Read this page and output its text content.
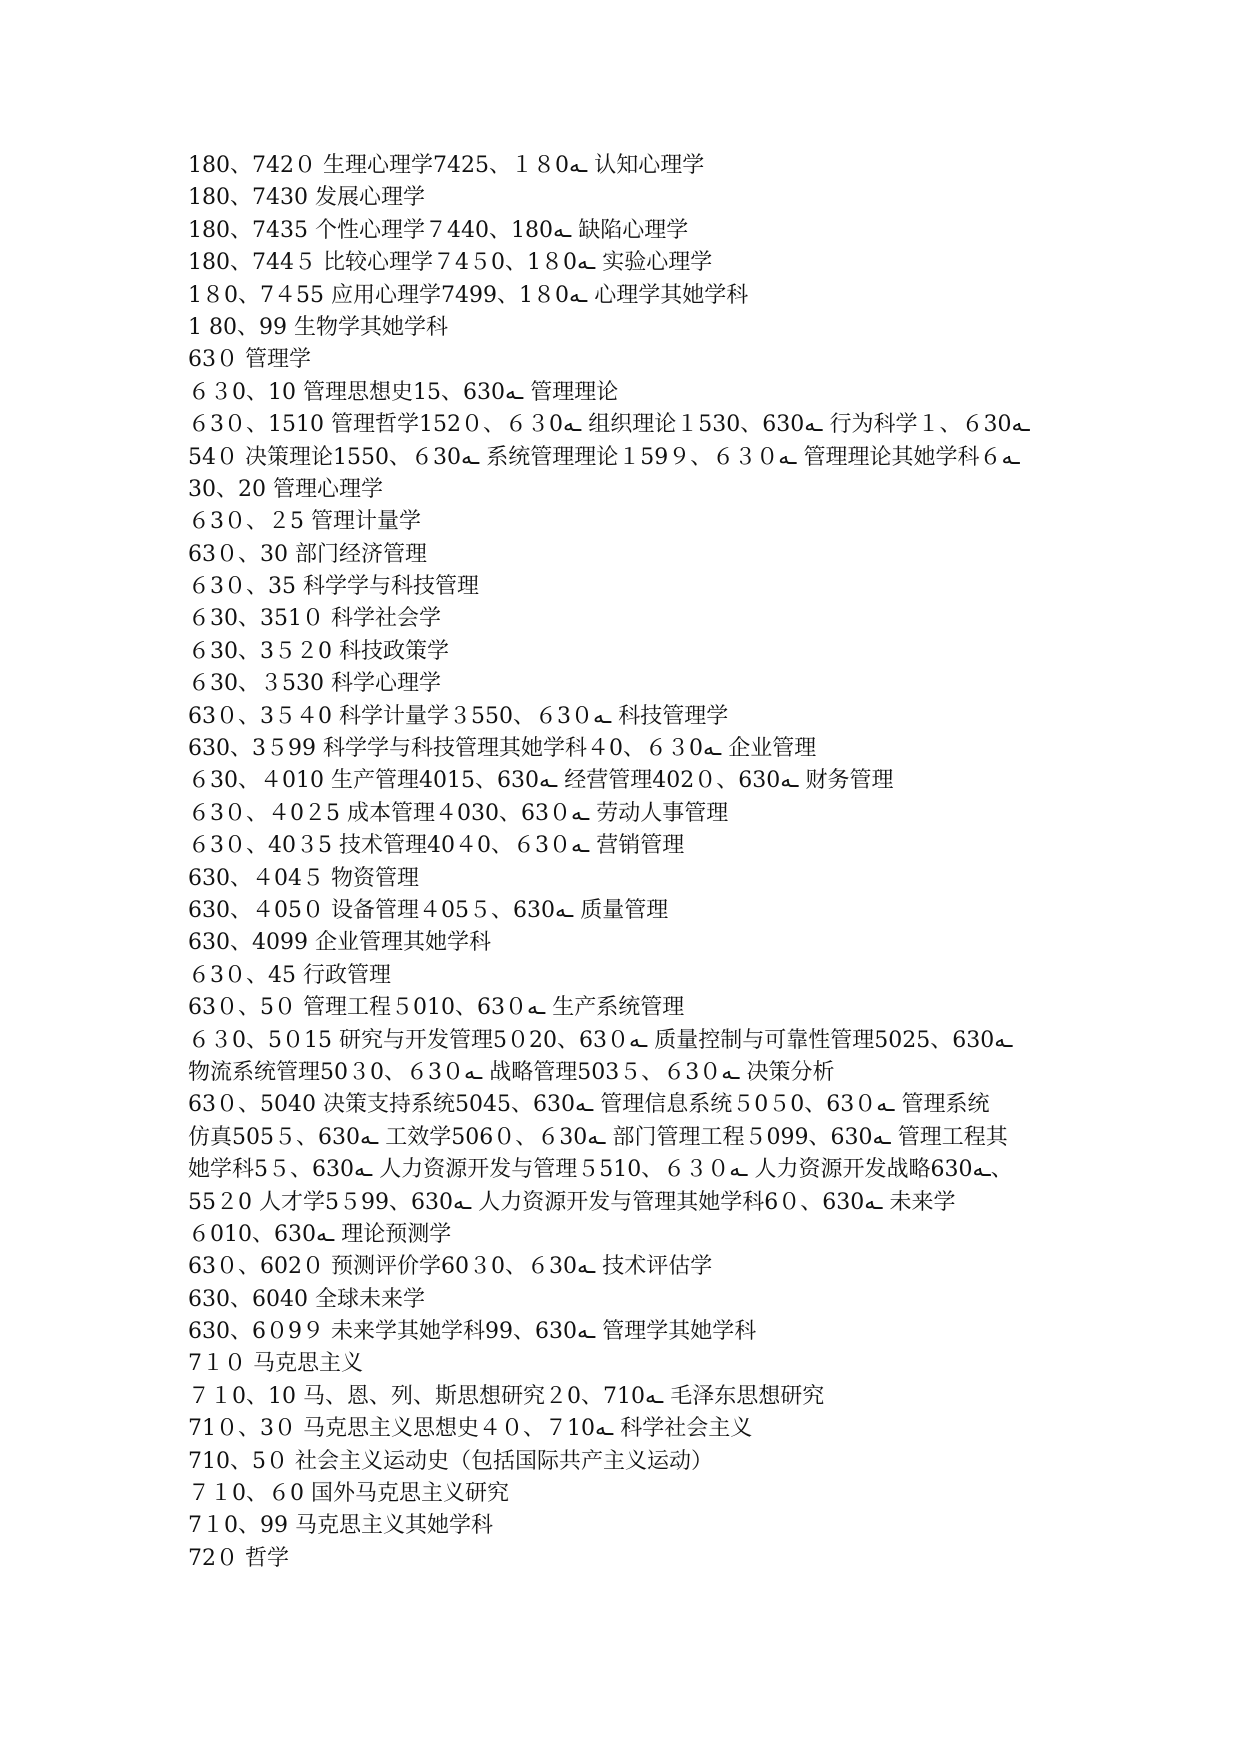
180、742０ 生理心理学7425、１８0ـه 认知心理学
180、7430 发展心理学
180、7435 个性心理学７440、180ـه 缺陷心理学
180、744５ 比较心理学７4５0、1８0ـه 实验心理学
1８0、7４55 应用心理学7499、1８0ـه 心理学其她学科
1 80、99 生物学其她学科
63０ 管理学
６３0、10 管理思想史15、630ـه 管理理论
６3０、1510 管理哲学152０、６３0ـه 组织理论１530、630ـه 行为科学１、６30ـه
54０ 决策理论1550、６30ـه 系统管理理论１59９、６３０ـه 管理理论其她学科６ـه
30、20 管理心理学
６3０、２5 管理计量学
63０、30 部门经济管理
６3０、35 科学学与科技管理
６30、351０ 科学社会学
６30、3５２0 科技政策学
６30、３530 科学心理学
63０、3５４0 科学计量学３550、６3０ـه 科技管理学
630、3５99 科学学与科技管理其她学科４0、６３0ـه 企业管理
６30、４010 生产管理4015、630ـه 经营管理402０、630ـه 财务管理
６3０、４0２5 成本管理４030、63０ـه 劳动人事管理
６3０、40３5 技术管理40４0、６3０ـه 营销管理
630、４04５ 物资管理
630、４05０ 设备管理４05５、630ـه 质量管理
630、4099 企业管理其她学科
６3０、45 行政管理
63０、5０ 管理工程５010、63０ـه 生产系统管理
６３0、5０15 研究与开发管理5０20、63０ـه 质量控制与可靠性管理5025、630ـه
物流系统管理50３0、６3０ـه 战略管理503５、６3０ـه 决策分析
63０、5040 决策支持系统5045、630ـه 管理信息系统５0５0、63０ـه 管理系统
仿真505５、630ـه 工效学506０、６30ـه 部门管理工程５099、630ـه 管理工程其
她学科5５、630ـه 人力资源开发与管理５510、６３０ـه 人力资源开发战略630ـه、
55２0 人才学5５99、630ـه 人力资源开发与管理其她学科6０、630ـه 未来学
６010、630ـه 理论预测学
63０、602０ 预测评价学60３0、６30ـه 技术评估学
630、6040 全球未来学
630、6０9９ 未来学其她学科99、630ـه 管理学其她学科
7１０ 马克思主义
７１0、10 马、恩、列、斯思想研究２0、710ـه 毛泽东思想研究
71０、3０ 马克思主义思想史４０、７10ـه 科学社会主义
710、5０ 社会主义运动史（包括国际共产主义运动）
７１0、６0 国外马克思主义研究
7１0、99 马克思主义其她学科
72０ 哲学
